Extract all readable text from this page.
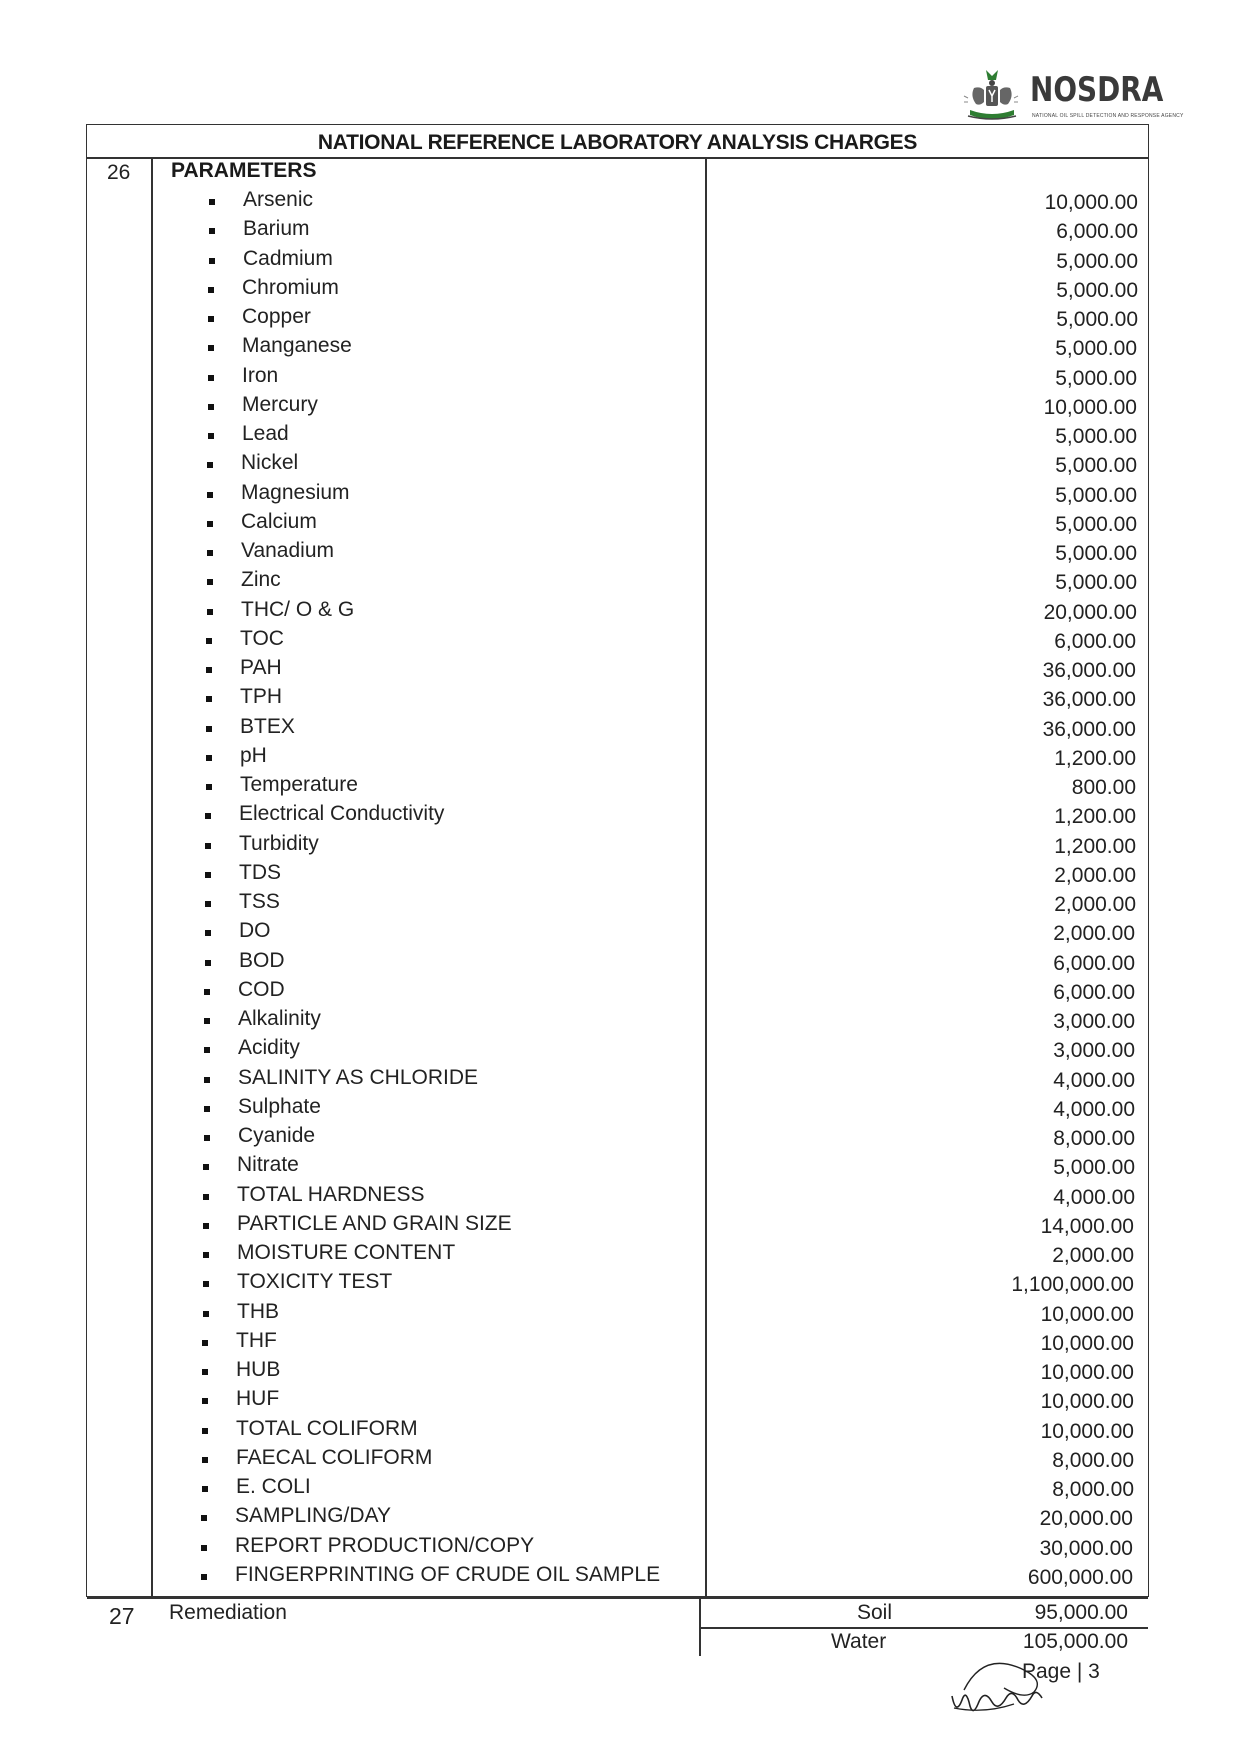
NOSDRA
NATIONAL OIL SPILL DETECTION AND RESPONSE AGENCY
NATIONAL REFERENCE LABORATORY ANALYSIS CHARGES
26 PARAMETERS
Arsenic	10,000.00
Barium	6,000.00
Cadmium	5,000.00
Chromium	5,000.00
Copper	5,000.00
Manganese	5,000.00
Iron	5,000.00
Mercury	10,000.00
Lead	5,000.00
Nickel	5,000.00
Magnesium	5,000.00
Calcium	5,000.00
Vanadium	5,000.00
Zinc	5,000.00
THC/ O & G	20,000.00
TOC	6,000.00
PAH	36,000.00
TPH	36,000.00
BTEX	36,000.00
pH	1,200.00
Temperature	800.00
Electrical Conductivity	1,200.00
Turbidity	1,200.00
TDS	2,000.00
TSS	2,000.00
DO	2,000.00
BOD	6,000.00
COD	6,000.00
Alkalinity	3,000.00
Acidity	3,000.00
SALINITY AS CHLORIDE	4,000.00
Sulphate	4,000.00
Cyanide	8,000.00
Nitrate	5,000.00
TOTAL HARDNESS	4,000.00
PARTICLE AND GRAIN SIZE	14,000.00
MOISTURE CONTENT	2,000.00
TOXICITY TEST	1,100,000.00
THB	10,000.00
THF	10,000.00
HUB	10,000.00
HUF	10,000.00
TOTAL COLIFORM	10,000.00
FAECAL COLIFORM	8,000.00
E. COLI	8,000.00
SAMPLING/DAY	20,000.00
REPORT PRODUCTION/COPY	30,000.00
FINGERPRINTING OF CRUDE OIL SAMPLE	600,000.00
27 Remediation	Soil	95,000.00
Water	105,000.00
Page | 3
